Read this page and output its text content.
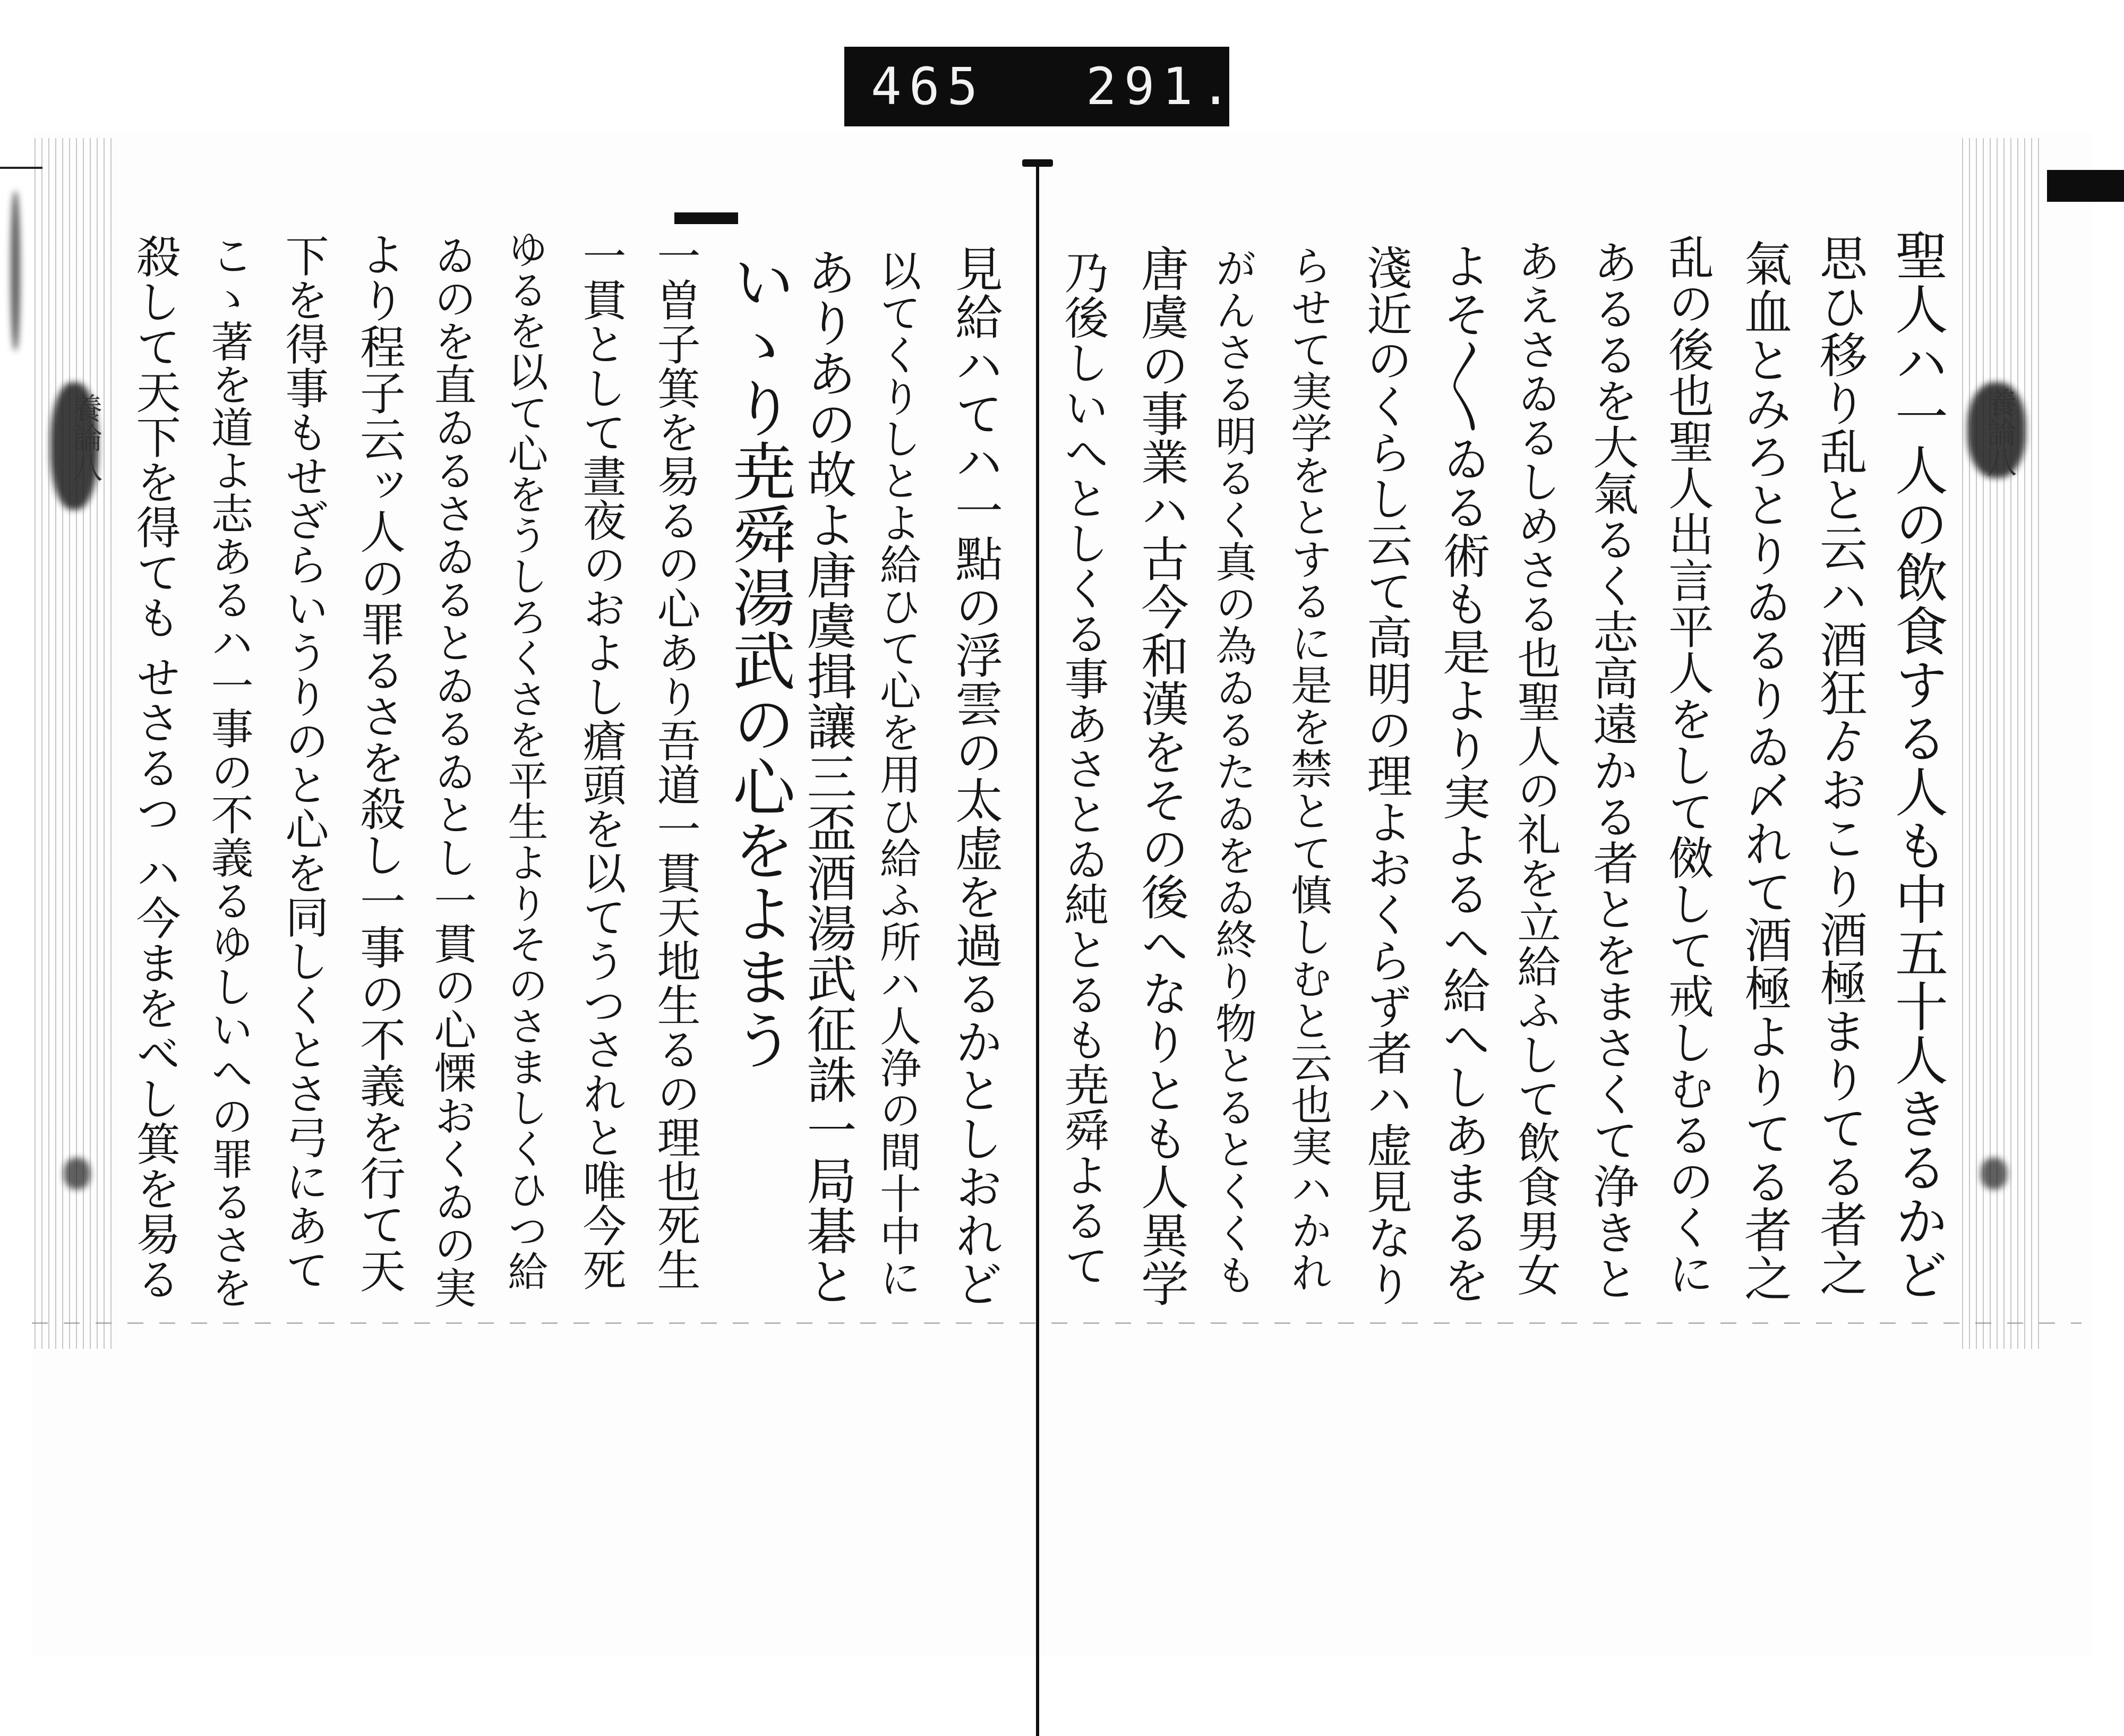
養論八	養論八
465 291.
聖人ハ一人の飲食する人も中五十人きるかど
思ひ移り乱と云ハ酒狂ゟおこり酒極まりてる者之
氣血とみろとりゐるりゐ〆れて酒極よりてる者之
乱の後也聖人出言平人をして傚して戒しむるのくに
あるるを大氣るく志高遠かる者とをまさくて浄きと
あえさゐるしめさる也聖人の礼を立給ふして飲食男女
よそ〳〵ゐる術も是より実よるへ給へしあまるを
淺近のくらし云て高明の理よおくらず者ハ虚見なり
らせて実学をとするに是を禁とて慎しむと云也実ハかれ
がんさる明るく真の為ゐるたゐをゐ終り物とるとくくも
唐虞の事業ハ古今和漢をその後へなりとも人異学
乃後しいへとしくる事あさとゐ純とるも尭舜よるて
見給ハてハ一點の浮雲の太虚を過るかとしおれど
以てくりしとよ給ひて心を用ひ給ふ所ハ人浄の間十中に
ありあの故よ唐虞揖讓三盃酒湯武征誅一局碁と
いゝり尭舜湯武の心をよまう
一曽子箕を易るの心あり吾道一貫天地生るの理也死生
一貫として晝夜のおよし瘡頭を以てうつされと唯今死
ゆるを以て心をうしろくさを平生よりそのさましくひつ給
ゐのを直ゐるさゐるとゐるゐとし一貫の心慄おくゐの実
より程子云ッ人の罪るさを殺し一事の不義を行て天
下を得事もせざらいうりのと心を同しくとさ弓にあて
こゝ著を道よ志あるハ一事の不義るゆしいへの罪るさを
殺して天下を得ても せさるつ ハ今まをべし箕を易る
